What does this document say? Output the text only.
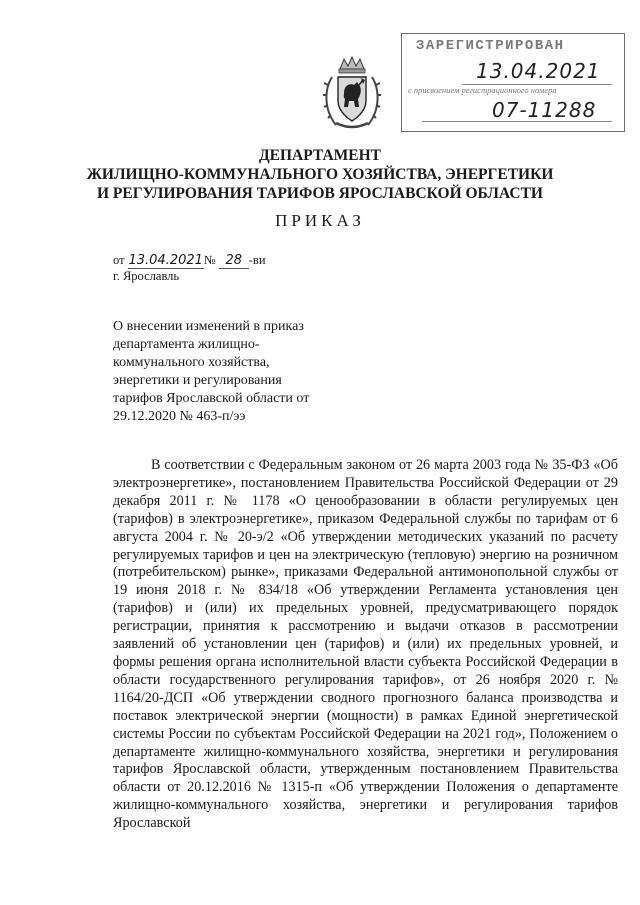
ЗАРЕГИСТРИРОВАН
13.04.2021
с присвоением регистрационного номера
07-11288
ДЕПАРТАМЕНТ
ЖИЛИЩНО-КОММУНАЛЬНОГО ХОЗЯЙСТВА, ЭНЕРГЕТИКИ
И РЕГУЛИРОВАНИЯ ТАРИФОВ ЯРОСЛАВСКОЙ ОБЛАСТИ
ПРИКАЗ
от 13.04.2021№ 28 -ви
г. Ярославль
О внесении изменений в приказ департамента жилищно-коммунального хозяйства, энергетики и регулирования тарифов Ярославской области от 29.12.2020 № 463-п/ээ
В соответствии с Федеральным законом от 26 марта 2003 года № 35-ФЗ «Об электроэнергетике», постановлением Правительства Российской Федерации от 29 декабря 2011 г. № 1178 «О ценообразовании в области регулируемых цен (тарифов) в электроэнергетике», приказом Федеральной службы по тарифам от 6 августа 2004 г. № 20-э/2 «Об утверждении методических указаний по расчету регулируемых тарифов и цен на электрическую (тепловую) энергию на розничном (потребительском) рынке», приказами Федеральной антимонопольной службы от 19 июня 2018 г. № 834/18 «Об утверждении Регламента установления цен (тарифов) и (или) их предельных уровней, предусматривающего порядок регистрации, принятия к рассмотрению и выдачи отказов в рассмотрении заявлений об установлении цен (тарифов) и (или) их предельных уровней, и формы решения органа исполнительной власти субъекта Российской Федерации в области государственного регулирования тарифов», от 26 ноября 2020 г. № 1164/20-ДСП «Об утверждении сводного прогнозного баланса производства и поставок электрической энергии (мощности) в рамках Единой энергетической системы России по субъектам Российской Федерации на 2021 год», Положением о департаменте жилищно-коммунального хозяйства, энергетики и регулирования тарифов Ярославской области, утвержденным постановлением Правительства области от 20.12.2016 № 1315-п «Об утверждении Положения о департаменте жилищно-коммунального хозяйства, энергетики и регулирования тарифов Ярославской
